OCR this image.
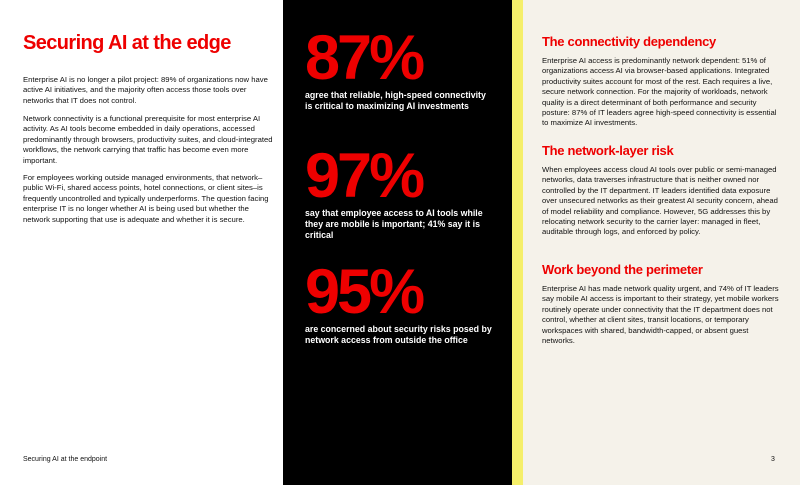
Securing AI at the edge

Enterprise AI is no longer a pilot project: 89% of organizations now have active AI initiatives, and the majority often access those tools over networks that IT does not control.

Network connectivity is a functional prerequisite for most enterprise AI activity. As AI tools become embedded in daily operations, accessed predominantly through browsers, productivity suites, and cloud-integrated workflows, the network carrying that traffic has become even more important.

For employees working outside managed environments, that network–public Wi-Fi, shared access points, hotel connections, or client sites–is frequently uncontrolled and typically underperforms. The question facing enterprise IT is no longer whether AI is being used but whether the network supporting that use is adequate and whether it is secure.

Securing AI at the endpoint
87%
agree that reliable, high-speed connectivity is critical to maximizing AI investments
97%
say that employee access to AI tools while they are mobile is important; 41% say it is critical
95%
are concerned about security risks posed by network access from outside the office
The connectivity dependency

Enterprise AI access is predominantly network dependent: 51% of organizations access AI via browser-based applications. Integrated productivity suites account for most of the rest. Each requires a live, secure network connection. For the majority of workloads, network quality is a direct determinant of both performance and security posture: 87% of IT leaders agree high-speed connectivity is essential to maximize AI investments.

The network-layer risk

When employees access cloud AI tools over public or semi-managed networks, data traverses infrastructure that is neither owned nor controlled by the IT department. IT leaders identified data exposure over unsecured networks as their greatest AI security concern, ahead of model reliability and compliance. However, 5G addresses this by relocating network security to the carrier layer: managed in fleet, auditable through logs, and enforced by policy.

Work beyond the perimeter

Enterprise AI has made network quality urgent, and 74% of IT leaders say mobile AI access is important to their strategy, yet mobile workers routinely operate under connectivity that the IT department does not control, whether at client sites, transit locations, or temporary workspaces with shared, bandwidth-capped, or absent guest networks.

3
